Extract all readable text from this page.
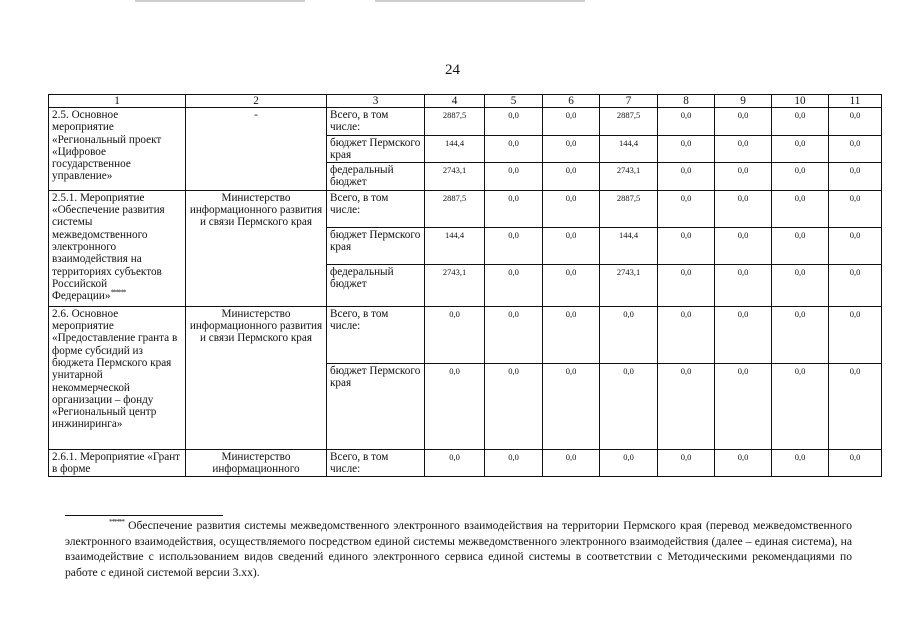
24
1	2	3	4	5	6	7	8	9	10	11
2.5. Основное мероприятие «Региональный проект «Цифровое государственное управление»	-	Всего, в том числе:	2887,5	0,0	0,0	2887,5	0,0	0,0	0,0	0,0
		бюджет Пермского края	144,4	0,0	0,0	144,4	0,0	0,0	0,0	0,0
		федеральный бюджет	2743,1	0,0	0,0	2743,1	0,0	0,0	0,0	0,0
2.5.1. Мероприятие «Обеспечение развития системы межведомственного электронного взаимодействия на территориях субъектов Российской Федерации»******	Министерство информационного развития и связи Пермского края	Всего, в том числе:	2887,5	0,0	0,0	2887,5	0,0	0,0	0,0	0,0
		бюджет Пермского края	144,4	0,0	0,0	144,4	0,0	0,0	0,0	0,0
		федеральный бюджет	2743,1	0,0	0,0	2743,1	0,0	0,0	0,0	0,0
2.6. Основное мероприятие «Предоставление гранта в форме субсидий из бюджета Пермского края унитарной некоммерческой организации – фонду «Региональный центр инжиниринга»	Министерство информационного развития и связи Пермского края	Всего, в том числе:	0,0	0,0	0,0	0,0	0,0	0,0	0,0	0,0
		бюджет Пермского края	0,0	0,0	0,0	0,0	0,0	0,0	0,0	0,0
2.6.1. Мероприятие «Грант в форме	Министерство информационного	Всего, в том числе:	0,0	0,0	0,0	0,0	0,0	0,0	0,0	0,0
****** Обеспечение развития системы межведомственного электронного взаимодействия на территории Пермского края (перевод межведомственного электронного взаимодействия, осуществляемого посредством единой системы межведомственного электронного взаимодействия (далее – единая система), на взаимодействие с использованием видов сведений единого электронного сервиса единой системы в соответствии с Методическими рекомендациями по работе с единой системой версии 3.хх).
